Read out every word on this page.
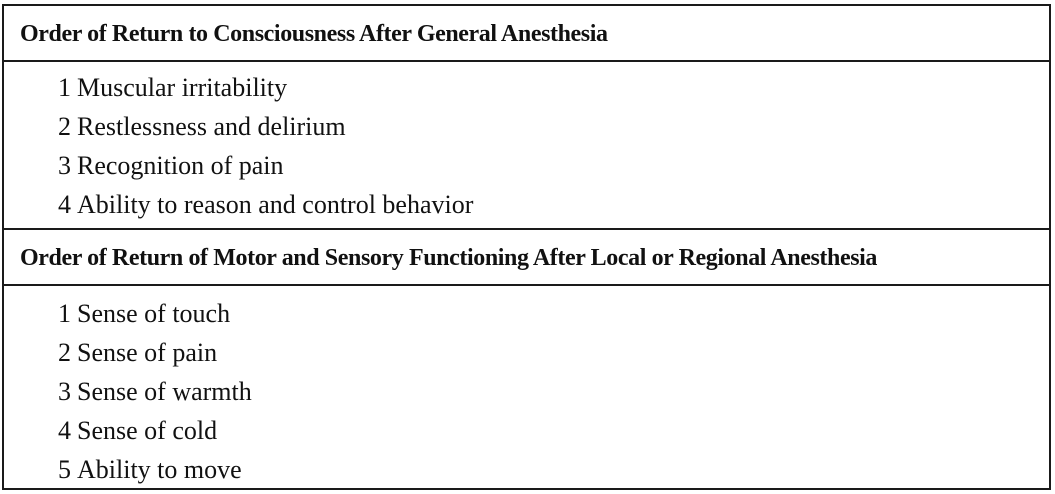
Order of Return to Consciousness After General Anesthesia
1 Muscular irritability
2 Restlessness and delirium
3 Recognition of pain
4 Ability to reason and control behavior
Order of Return of Motor and Sensory Functioning After Local or Regional Anesthesia
1 Sense of touch
2 Sense of pain
3 Sense of warmth
4 Sense of cold
5 Ability to move
